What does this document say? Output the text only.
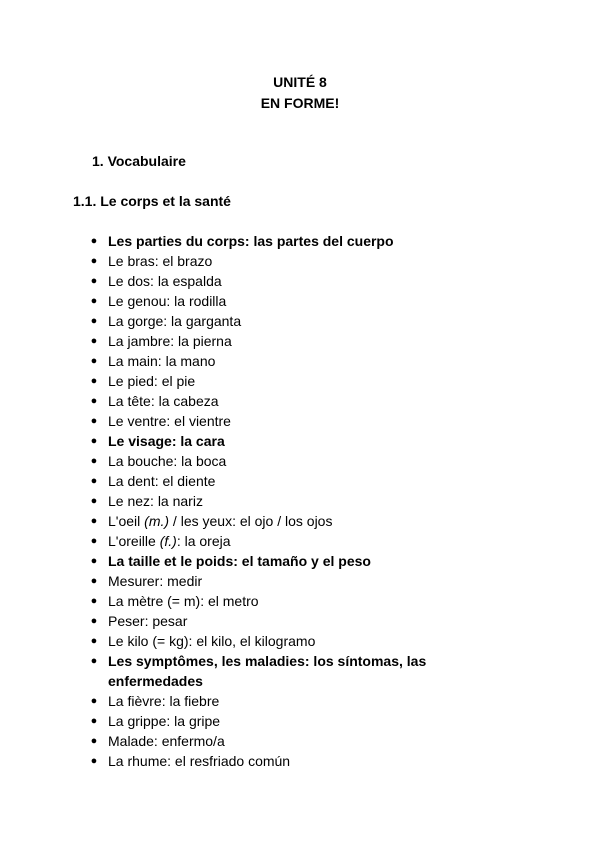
UNITÉ 8
EN FORME!
1. Vocabulaire
1.1. Le corps et la santé
● Les parties du corps: las partes del cuerpo
● Le bras: el brazo
● Le dos: la espalda
● Le genou: la rodilla
● La gorge: la garganta
● La jambre: la pierna
● La main: la mano
● Le pied: el pie
● La tête: la cabeza
● Le ventre: el vientre
● Le visage: la cara
● La bouche: la boca
● La dent: el diente
● Le nez: la nariz
● L'oeil (m.) / les yeux: el ojo / los ojos
● L'oreille (f.): la oreja
● La taille et le poids: el tamaño y el peso
● Mesurer: medir
● La mètre (= m): el metro
● Peser: pesar
● Le kilo (= kg): el kilo, el kilogramo
● Les symptômes, les maladies: los síntomas, las enfermedades
● La fièvre: la fiebre
● La grippe: la gripe
● Malade: enfermo/a
● La rhume: el resfriado común
